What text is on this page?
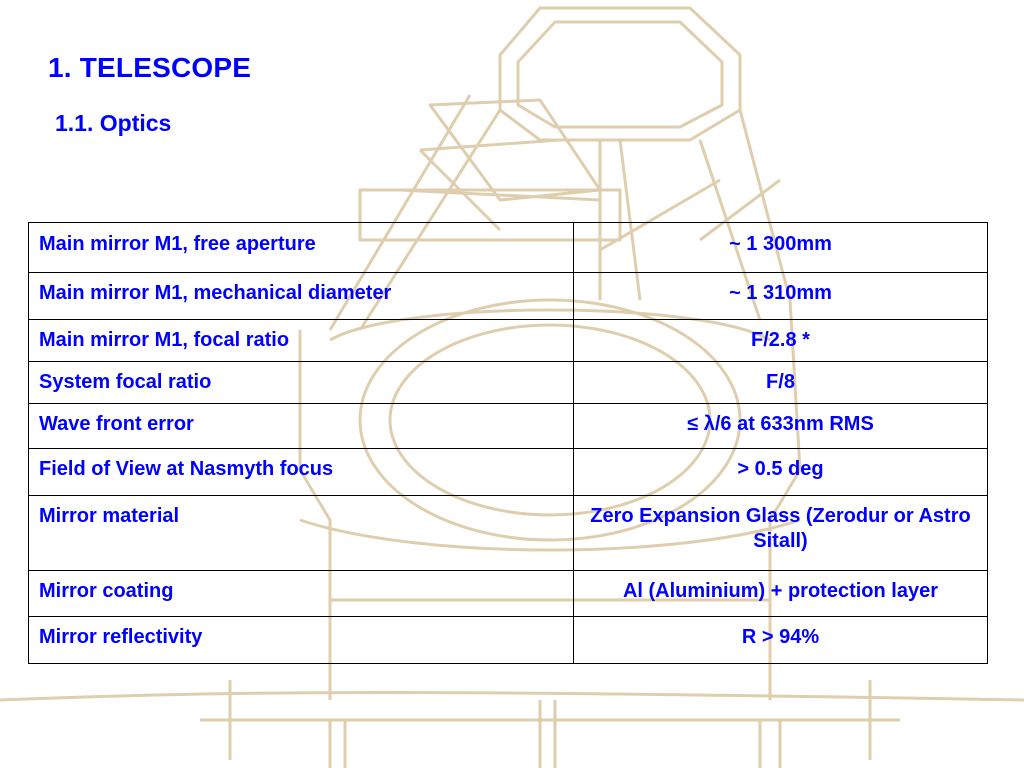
1. TELESCOPE
1.1. Optics
Main mirror M1, free aperture	~ 1 300mm
Main mirror M1, mechanical diameter	~ 1 310mm
Main mirror M1, focal ratio	F/2.8 *
System focal ratio	F/8
Wave front error	≤ λ/6 at 633nm RMS
Field of View at Nasmyth focus	> 0.5 deg
Mirror material	Zero Expansion Glass (Zerodur or Astro Sitall)
Mirror coating	Al (Aluminium) + protection layer
Mirror reflectivity	R > 94%
